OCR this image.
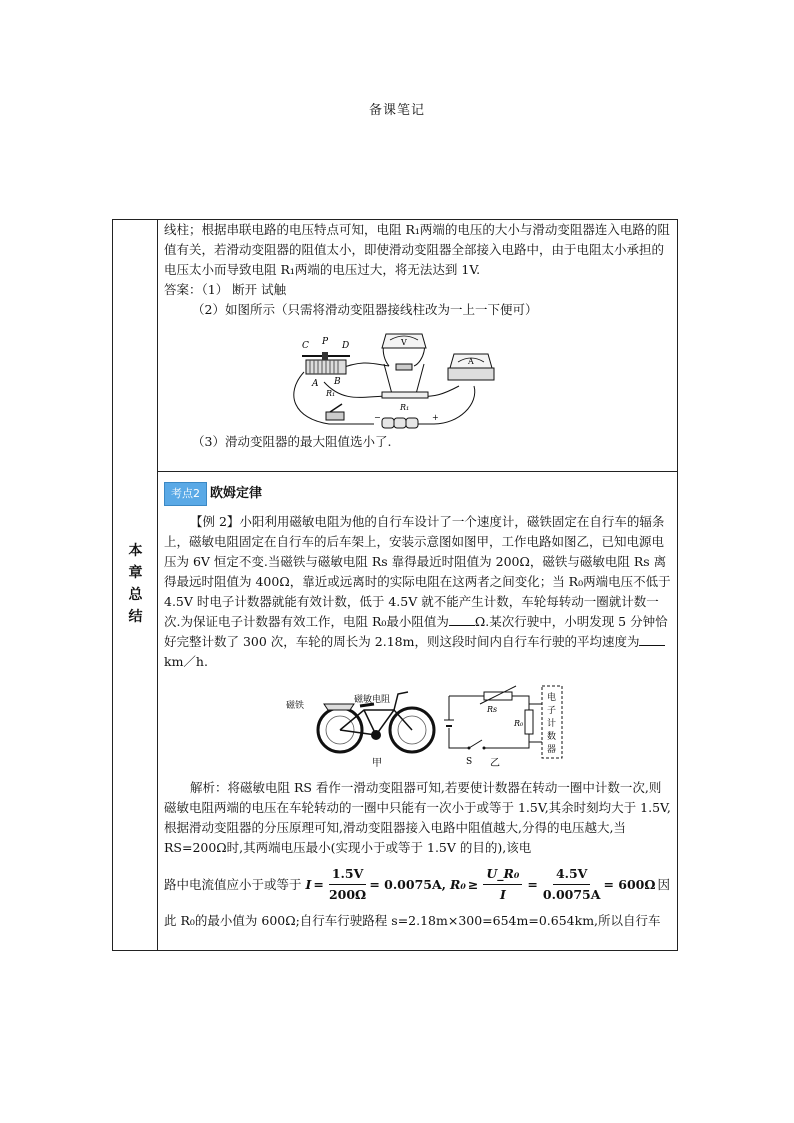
备课笔记
本
章
总
结

线柱；根据串联电路的电压特点可知，电阻 R₁两端的电压的大小与滑动变阻器连入电路的阻值有关，若滑动变阻器的阻值太小，即使滑动变阻器全部接入电路中，由于电阻太小承担的电压太小而导致电阻 R₁两端的电压过大，将无法达到 1V.

答案：（1） 断开 试触

（2）如图所示（只需将滑动变阻器接线柱改为一上一下便可）

C P D
A B
R₁
V
R₁
A
−	+

（3）滑动变阻器的最大阻值选小了.

考点2 欧姆定律

【例 2】小阳利用磁敏电阻为他的自行车设计了一个速度计，磁铁固定在自行车的辐条上，磁敏电阻固定在自行车的后车架上，安装示意图如图甲，工作电路如图乙，已知电源电压为 6V 恒定不变.当磁铁与磁敏电阻 Rs 靠得最近时阻值为 200Ω，磁铁与磁敏电阻 Rs 离得最远时阻值为 400Ω，靠近或远离时的实际电阻在这两者之间变化；当 R₀两端电压不低于 4.5V 时电子计数器就能有效计数，低于 4.5V 就不能产生计数，车轮每转动一圈就计数一次.为保证电子计数器有效工作，电阻 R₀最小阻值为 Ω.某次行驶中，小明发现 5 分钟恰好完整计数了 300 次，车轮的周长为 2.18m，则这段时间内自行车行驶的平均速度为km／h.

磁铁
磁敏电阻
甲
Rs
R₀
电
子
计
数
器
S 乙

解析：将磁敏电阻 RS 看作一滑动变阻器可知,若要使计数器在转动一圈中计数一次,则磁敏电阻两端的电压在车轮转动的一圈中只能有一次小于或等于 1.5V,其余时刻均大于 1.5V,根据滑动变阻器的分压原理可知,滑动变阻器接入电路中阻值越大,分得的电压越大,当 RS=200Ω时,其两端电压最小(实现小于或等于 1.5V 的目的),该电

路中电流值应小于或等于 $I = \frac{1.5V}{200\Omega} = 0.0075A$, $R_0 \ge \frac{\text{U\_R₀}}{I} = \frac{4.5V}{0.0075A} = 600\Omega$ 因

此 R₀的最小值为 600Ω;自行车行驶路程 s=2.18m×300=654m=0.654km,所以自行车
